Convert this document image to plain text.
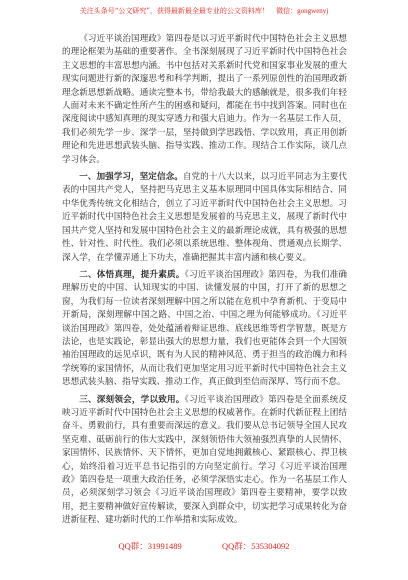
关注头条号“公文研究”，获得最新最全最专业的公文资料库！ 微信：gongwenyj

《习近平谈治国理政》第四卷是以习近平新时代中国特色社会主义思想的理论框架为基础的重要著作。全书深刻展现了习近平新时代中国特色社会主义思想的丰富思想内涵。书中包括对关系新时代党和国家事业发展的重大现实问题进行新的深邃思考和科学判断，提出了一系列原创性的治国理政新理念新思想新战略。通读完整本书，带给我最大的感触就是，很多我们年轻人面对未来不确定性所产生的困惑和疑问，都能在书中找到答案。同时也在深度阅读中感知真理的现实穿透力和强大启迪力。作为一名基层工作人员，我们必须先学一步、深学一层，坚持做到学思践悟、学以致用，真正用创新理论和先进思想武装头脑、指导实践、推动工作。现结合工作实际，谈几点学习体会。

一、加强学习，坚定信念。自党的十八大以来，以习近平同志为主要代表的中国共产党人，坚持把马克思主义基本原理同中国具体实际相结合、同中华优秀传统文化相结合，创立了习近平新时代中国特色社会主义思想。习近平新时代中国特色社会主义思想是发展着的马克思主义，展现了新时代中国共产党人坚持和发展中国特色社会主义的最新理论成就，具有极强的思想性、针对性、时代性。我们必须以系统思维、整体视角、贯通观点长期学、深入学，在学懂弄通上下功夫，准确把握其丰富内涵和核心要义。

二、体悟真理，提升素质。《习近平谈治国理政》第四卷，为我们准确理解历史的中国、认知现实的中国、读懂发展的中国，打开了新的思想之窗，为我们每一位读者深刻理解中国之所以能在危机中孕育新机、于变局中开新局，深刻理解中国之路、中国之治、中国之理为何能够成功。《习近平谈治国理政》第四卷，处处蕴涵着辩证思维、底线思维等哲学智慧，既是方法论，也是实践论，彰显出强大的思想力量，我们也更能体会到一个大国领袖治国理政的远见卓识，既有为人民的精神风范、勇于担当的政治魄力和科学统筹的家国情怀，从而让我们更加坚定用习近平新时代中国特色社会主义思想武装头脑、指导实践、推动工作，真正做到至信而深厚、笃行而不怠。

三、深刻领会，学以致用。《习近平谈治国理政》第四卷是全面系统反映习近平新时代中国特色社会主义思想的权威著作。在新时代新征程上团结奋斗、勇毅前行，具有重要而深远的意义。我们要从总书记领导全国人民攻坚克难、砥砺前行的伟大实践中，深刻领悟伟大领袖强烈真挚的人民情怀、家国情怀、民族情怀、天下情怀，更加自觉地拥戴核心、紧跟核心、捍卫核心，始终沿着习近平总书记指引的方向坚定前行。学习《习近平谈治国理政》第四卷是一项重大政治任务，必须学深悟实走心。作为一名基层工作人员，必须深刻学习领会《习近平谈治国理政》第四卷主要精神，要学以致用，把主要精神做好宣传解读，要深入到群众中，切实把学习成果转化为奋进新征程、建功新时代的工作举措和实际成效。

QQ群：31991489	QQ群：535304092
